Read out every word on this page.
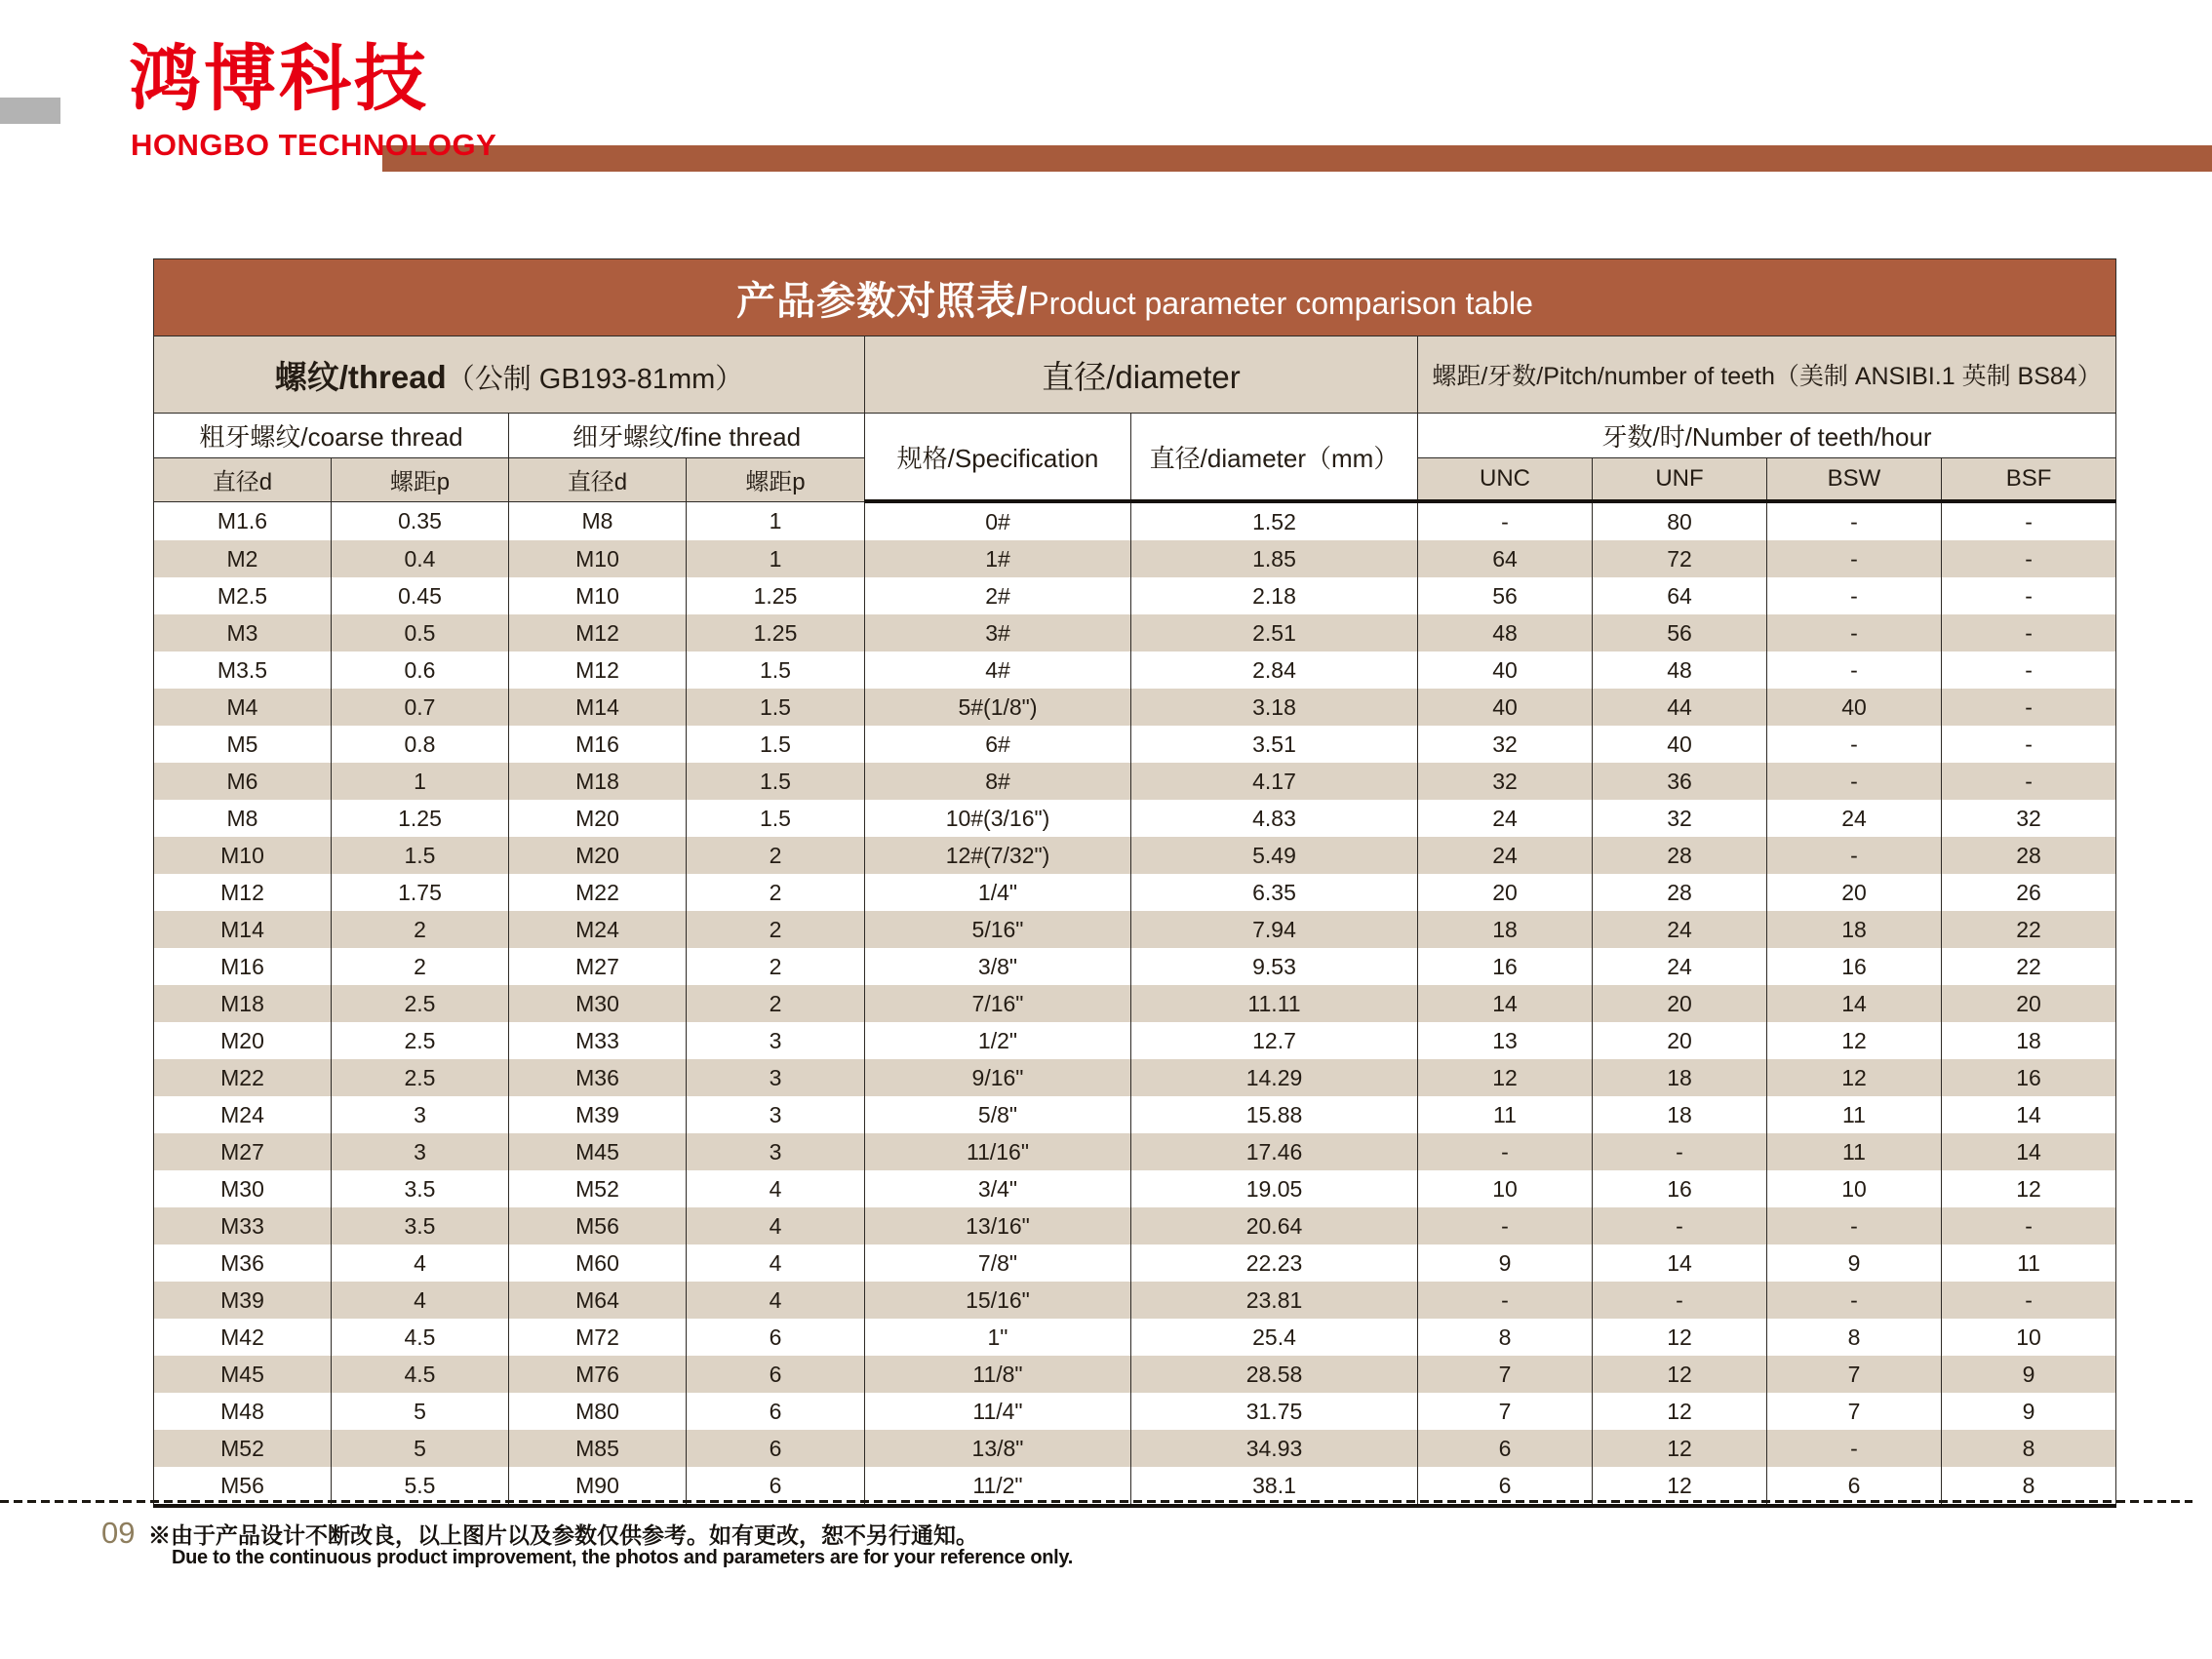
鸿博科技
HONGBO TECHNOLOGY
产品参数对照表/Product parameter comparison table									
螺纹/thread（公制 GB193-81mm）				直径/diameter		螺距/牙数/Pitch/number of teeth（美制 ANSIBI.1 英制 BS84）			
粗牙螺纹/coarse thread		细牙螺纹/fine thread		规格/Specification	直径/diameter（mm）	牙数/时/Number of teeth/hour			
直径d	螺距p	直径d	螺距p			UNC	UNF	BSW	BSF
M1.6	0.35	M8	1	0#	1.52	-	80	-	-
M2	0.4	M10	1	1#	1.85	64	72	-	-
M2.5	0.45	M10	1.25	2#	2.18	56	64	-	-
M3	0.5	M12	1.25	3#	2.51	48	56	-	-
M3.5	0.6	M12	1.5	4#	2.84	40	48	-	-
M4	0.7	M14	1.5	5#(1/8")	3.18	40	44	40	-
M5	0.8	M16	1.5	6#	3.51	32	40	-	-
M6	1	M18	1.5	8#	4.17	32	36	-	-
M8	1.25	M20	1.5	10#(3/16")	4.83	24	32	24	32
M10	1.5	M20	2	12#(7/32")	5.49	24	28	-	28
M12	1.75	M22	2	1/4"	6.35	20	28	20	26
M14	2	M24	2	5/16"	7.94	18	24	18	22
M16	2	M27	2	3/8"	9.53	16	24	16	22
M18	2.5	M30	2	7/16"	11.11	14	20	14	20
M20	2.5	M33	3	1/2"	12.7	13	20	12	18
M22	2.5	M36	3	9/16"	14.29	12	18	12	16
M24	3	M39	3	5/8"	15.88	11	18	11	14
M27	3	M45	3	11/16"	17.46	-	-	11	14
M30	3.5	M52	4	3/4"	19.05	10	16	10	12
M33	3.5	M56	4	13/16"	20.64	-	-	-	-
M36	4	M60	4	7/8"	22.23	9	14	9	11
M39	4	M64	4	15/16"	23.81	-	-	-	-
M42	4.5	M72	6	1"	25.4	8	12	8	10
M45	4.5	M76	6	11/8"	28.58	7	12	7	9
M48	5	M80	6	11/4"	31.75	7	12	7	9
M52	5	M85	6	13/8"	34.93	6	12	-	8
M56	5.5	M90	6	11/2"	38.1	6	12	6	8
09 ※由于产品设计不断改良，以上图片以及参数仅供参考。如有更改，恕不另行通知。
Due to the continuous product improvement, the photos and parameters are for your reference only.
